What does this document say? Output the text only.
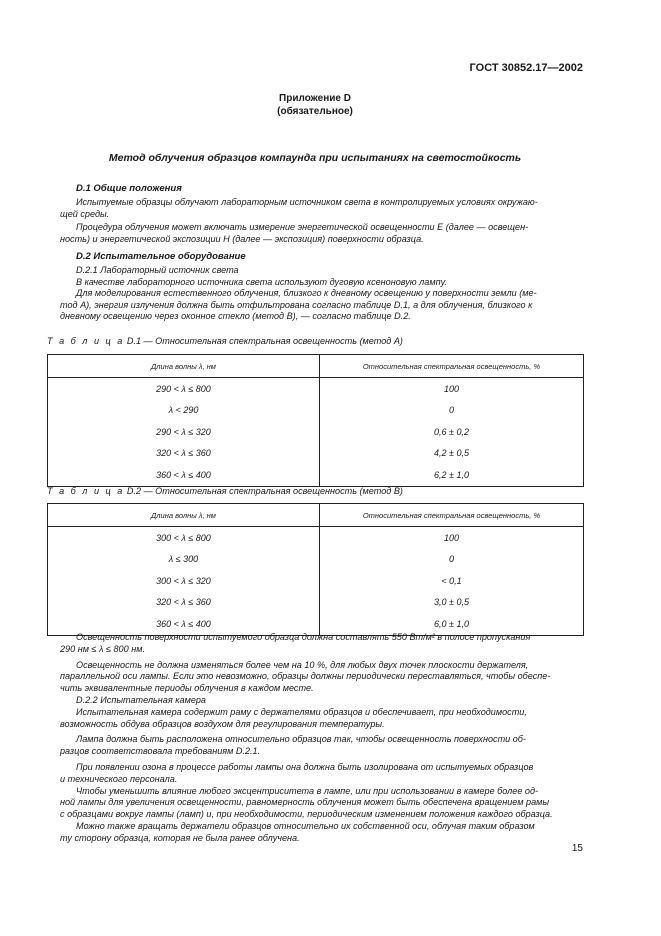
ГОСТ 30852.17—2002
Приложение D
(обязательное)
Метод облучения образцов компаунда при испытаниях на светостойкость
D.1 Общие положения
Испытуемые образцы облучают лабораторным источником света в контролируемых условиях окружаю-
щей среды.
Процедура облучения может включать измерение энергетической освещенности E (далее — освещен-
ность) и энергетической экспозиции H (далее — экспозиция) поверхности образца.
D.2 Испытательное оборудование
D.2.1 Лабораторный источник света
В качестве лабораторного источника света используют дуговую ксеноновую лампу.
Для моделирования естественного облучения, близкого к дневному освещению у поверхности земли (ме-
тод А), энергия излучения должна быть отфильтрована согласно таблице D.1, а для облучения, близкого к
дневному освещению через оконное стекло (метод В), — согласно таблице D.2.
Т а б л и ц а D.1 — Относительная спектральная освещенность (метод А)
Длина волны λ, нм	Относительная спектральная освещенность, %
290 < λ ≤ 800	100
λ < 290	0
290 < λ ≤ 320	0,6 ± 0,2
320 < λ ≤ 360	4,2 ± 0,5
360 < λ ≤ 400	6,2 ± 1,0
Т а б л и ц а D.2 — Относительная спектральная освещенность (метод В)
Длина волны λ, нм	Относительная спектральная освещенность, %
300 < λ ≤ 800	100
λ ≤ 300	0
300 < λ ≤ 320	< 0,1
320 < λ ≤ 360	3,0 ± 0,5
360 < λ ≤ 400	6,0 ± 1,0
Освещенность поверхности испытуемого образца должна составлять 550 Вт/м² в полосе пропускания
290 нм ≤ λ ≤ 800 нм.
Освещенность не должна изменяться более чем на 10 %, для любых двух точек плоскости держателя,
параллельной оси лампы. Если это невозможно, образцы должны периодически переставляться, чтобы обеспе-
чить эквивалентные периоды облучения в каждом месте.
D.2.2 Испытательная камера
Испытательная камера содержит раму с держателями образцов и обеспечивает, при необходимости,
возможность обдува образцов воздухом для регулирования температуры.
Лампа должна быть расположена относительно образцов так, чтобы освещенность поверхности об-
разцов соответствовала требованиям D.2.1.
При появлении озона в процессе работы лампы она должна быть изолирована от испытуемых образцов
и технического персонала.
Чтобы уменьшить влияние любого эксцентриситета в лампе, или при использовании в камере более од-
ной лампы для увеличения освещенности, равномерность облучения может быть обеспечена вращением рамы
с образцами вокруг лампы (ламп) и, при необходимости, периодическим изменением положения каждого образца.
Можно также вращать держатели образцов относительно их собственной оси, облучая таким образом
ту сторону образца, которая не была ранее облучена.
15
